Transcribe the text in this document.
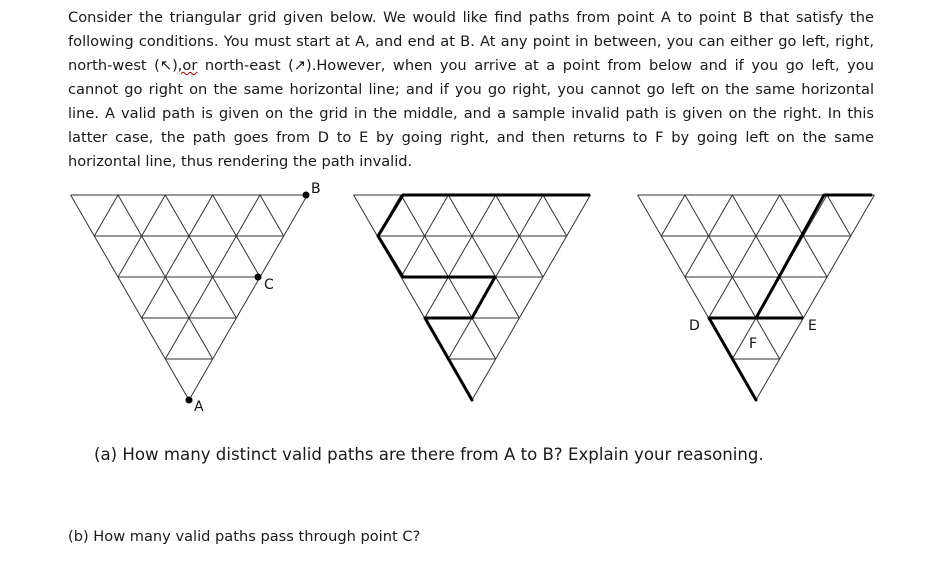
Consider the triangular grid given below. We would like find paths from point A to point B that satisfy the following conditions. You must start at A, and end at B. At any point in between, you can either go left, right, north-west (↖),or north-east (↗).However, when you arrive at a point from below and if you go left, you cannot go right on the same horizontal line; and if you go right, you cannot go left on the same horizontal line. A valid path is given on the grid in the middle, and a sample invalid path is given on the right. In this latter case, the path goes from D to E by going right, and then returns to F by going left on the same horizontal line, thus rendering the path invalid.

B
C
A
D	E
F

(a) How many distinct valid paths are there from A to B? Explain your reasoning.

(b) How many valid paths pass through point C?
